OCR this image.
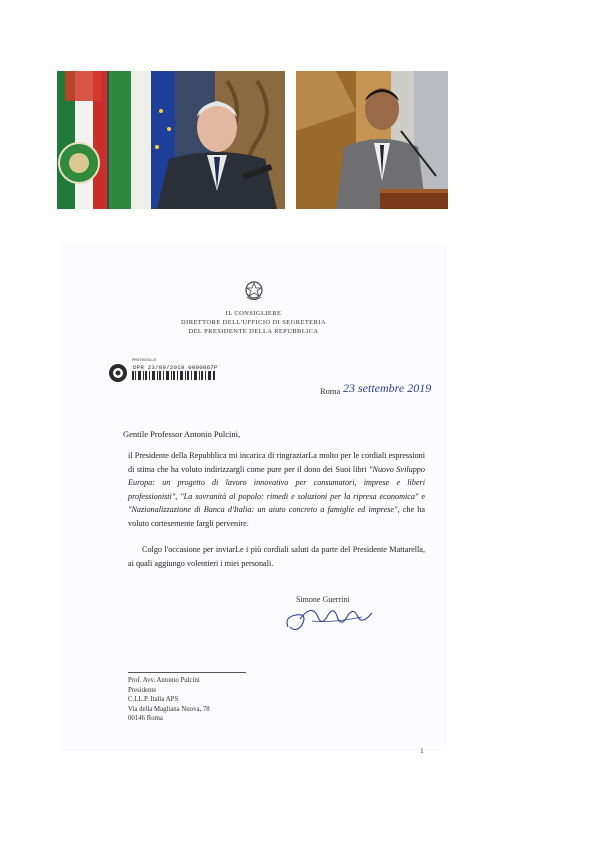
IL CONSIGLIERE
DIRETTORE DELL'UFFICIO DI SEGRETERIA
DEL PRESIDENTE DELLA REPUBBLICA
PROTOCOLLO
DPR 23/09/2019 0000867P
Roma 23 settembre 2019
Gentile Professor Antonio Pulcini,
il Presidente della Repubblica mi incarica di ringraziarLa molto per le cordiali espressioni di stima che ha voluto indirizzargli come pure per il dono dei Suoi libri "Nuovo Sviluppo Europa: un progetto di lavoro innovativo per consumatori, imprese e liberi professionisti", "La sovranità al popolo: rimedi e soluzioni per la ripresa economica" e "Nazionalizzazione di Banca d'Italia: un aiuto concreto a famiglie ed imprese", che ha voluto cortesemente fargli pervenire.
Colgo l'occasione per inviarLe i più cordiali saluti da parte del Presidente Mattarella, ai quali aggiungo volentieri i miei personali.
Simone Guerrini
Prof. Avv. Antonio Pulcini
Presidente
C.I.L.P. Italia APS
Via della Magliana Nuova, 78
00146 Roma
1
